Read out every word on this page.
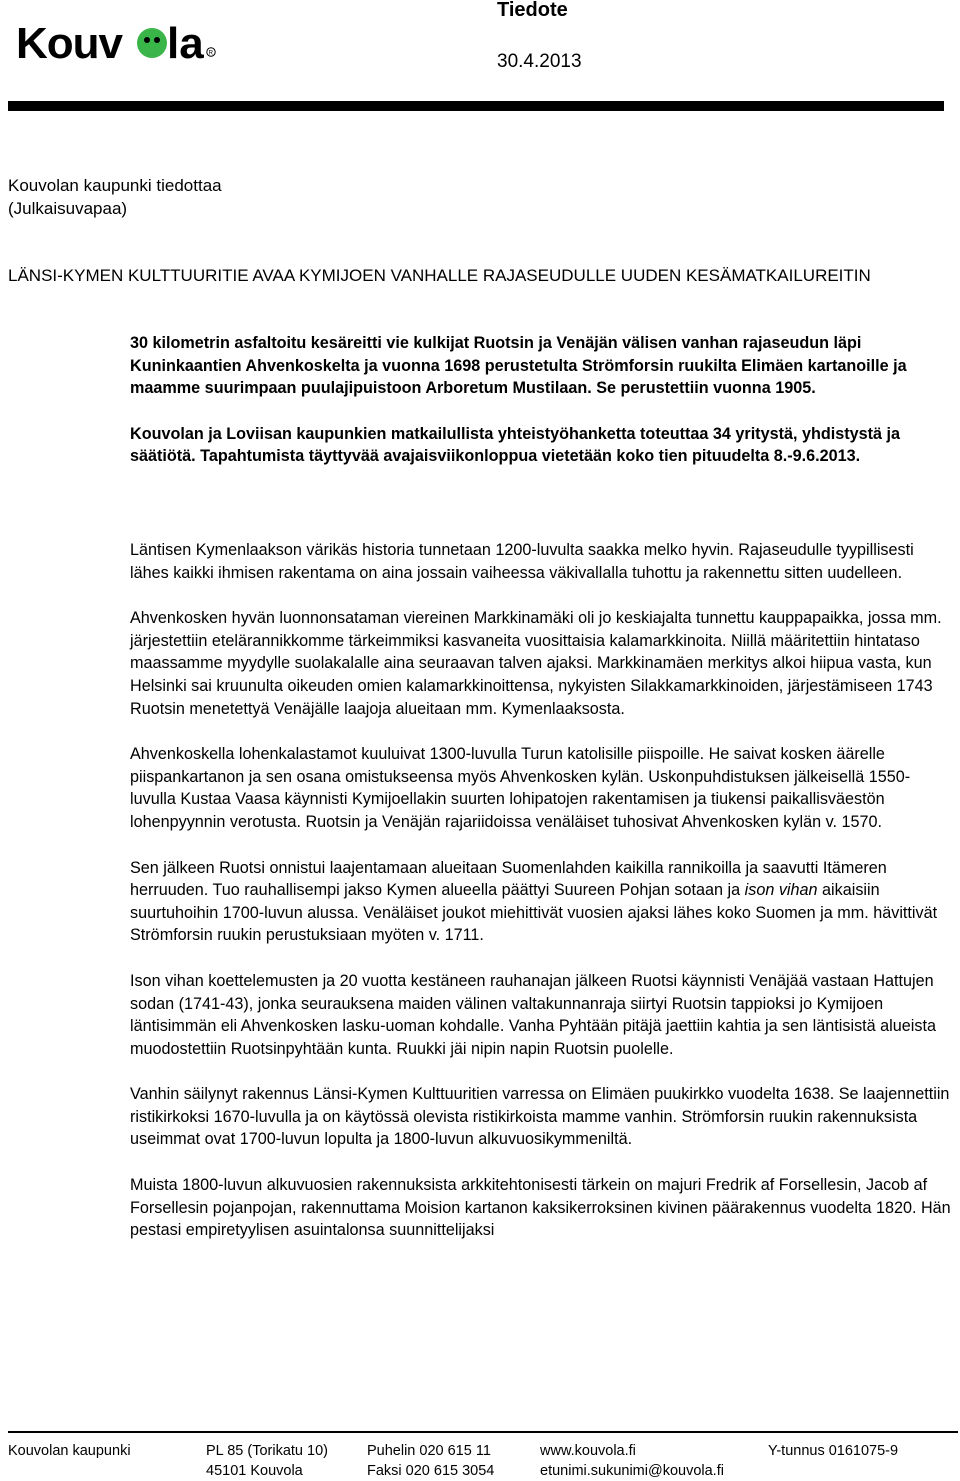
Kouv la R
Tiedote
30.4.2013
Kouvolan kaupunki tiedottaa
(Julkaisuvapaa)
LÄNSI-KYMEN KULTTUURITIE AVAA KYMIJOEN VANHALLE RAJASEUDULLE UUDEN KESÄMATKAILUREITIN

30 kilometrin asfaltoitu kesäreitti vie kulkijat Ruotsin ja Venäjän välisen vanhan rajaseudun läpi Kuninkaantien Ahvenkoskelta ja vuonna 1698 perustetulta Strömforsin ruukilta Elimäen kartanoille ja maamme suurimpaan puulajipuistoon Arboretum Mustilaan. Se perustettiin vuonna 1905.

Kouvolan ja Loviisan kaupunkien matkailullista yhteistyöhanketta toteuttaa 34 yritystä, yhdistystä ja säätiötä. Tapahtumista täyttyvää avajaisviikonloppua vietetään koko tien pituudelta 8.-9.6.2013.

Läntisen Kymenlaakson värikäs historia tunnetaan 1200-luvulta saakka melko hyvin. Rajaseudulle tyypillisesti lähes kaikki ihmisen rakentama on aina jossain vaiheessa väkivallalla tuhottu ja rakennettu sitten uudelleen.

Ahvenkosken hyvän luonnonsataman viereinen Markkinamäki oli jo keskiajalta tunnettu kauppapaikka, jossa mm. järjestettiin etelärannikkomme tärkeimmiksi kasvaneita vuosittaisia kalamarkkinoita. Niillä määritettiin hintataso maassamme myydylle suolakalalle aina seuraavan talven ajaksi. Markkinamäen merkitys alkoi hiipua vasta, kun Helsinki sai kruunulta oikeuden omien kalamarkkinoittensa, nykyisten Silakkamarkkinoiden, järjestämiseen 1743 Ruotsin menetettyä Venäjälle laajoja alueitaan mm. Kymenlaaksosta.

Ahvenkoskella lohenkalastamot kuuluivat 1300-luvulla Turun katolisille piispoille. He saivat kosken äärelle piispankartanon ja sen osana omistukseensa myös Ahvenkosken kylän. Uskonpuhdistuksen jälkeisellä 1550-luvulla Kustaa Vaasa käynnisti Kymijoellakin suurten lohipatojen rakentamisen ja tiukensi paikallisväestön lohenpyynnin verotusta. Ruotsin ja Venäjän rajariidoissa venäläiset tuhosivat Ahvenkosken kylän v. 1570.

Sen jälkeen Ruotsi onnistui laajentamaan alueitaan Suomenlahden kaikilla rannikoilla ja saavutti Itämeren herruuden. Tuo rauhallisempi jakso Kymen alueella päättyi Suureen Pohjan sotaan ja ison vihan aikaisiin suurtuhoihin 1700-luvun alussa. Venäläiset joukot miehittivät vuosien ajaksi lähes koko Suomen ja mm. hävittivät Strömforsin ruukin perustuksiaan myöten v. 1711.

Ison vihan koettelemusten ja 20 vuotta kestäneen rauhanajan jälkeen Ruotsi käynnisti Venäjää vastaan Hattujen sodan (1741-43), jonka seurauksena maiden välinen valtakunnanraja siirtyi Ruotsin tappioksi jo Kymijoen läntisimmän eli Ahvenkosken lasku-uoman kohdalle. Vanha Pyhtään pitäjä jaettiin kahtia ja sen läntisistä alueista muodostettiin Ruotsinpyhtään kunta. Ruukki jäi nipin napin Ruotsin puolelle.

Vanhin säilynyt rakennus Länsi-Kymen Kulttuuritien varressa on Elimäen puukirkko vuodelta 1638. Se laajennettiin ristikirkoksi 1670-luvulla ja on käytössä olevista ristikirkoista mamme vanhin. Strömforsin ruukin rakennuksista useimmat ovat 1700-luvun lopulta ja 1800-luvun alkuvuosikymmeniltä.

Muista 1800-luvun alkuvuosien rakennuksista arkkitehtonisesti tärkein on majuri Fredrik af Forsellesin, Jacob af Forsellesin pojanpojan, rakennuttama Moision kartanon kaksikerroksinen kivinen päärakennus vuodelta 1820. Hän pestasi empiretyylisen asuintalonsa suunnittelijaksi

Kouvolan kaupunki	PL 85 (Torikatu 10)
45101 Kouvola
Puhelin 020 615 11
Faksi 020 615 3054
www.kouvola.fi
etunimi.sukunimi@kouvola.fi
Y-tunnus 0161075-9
